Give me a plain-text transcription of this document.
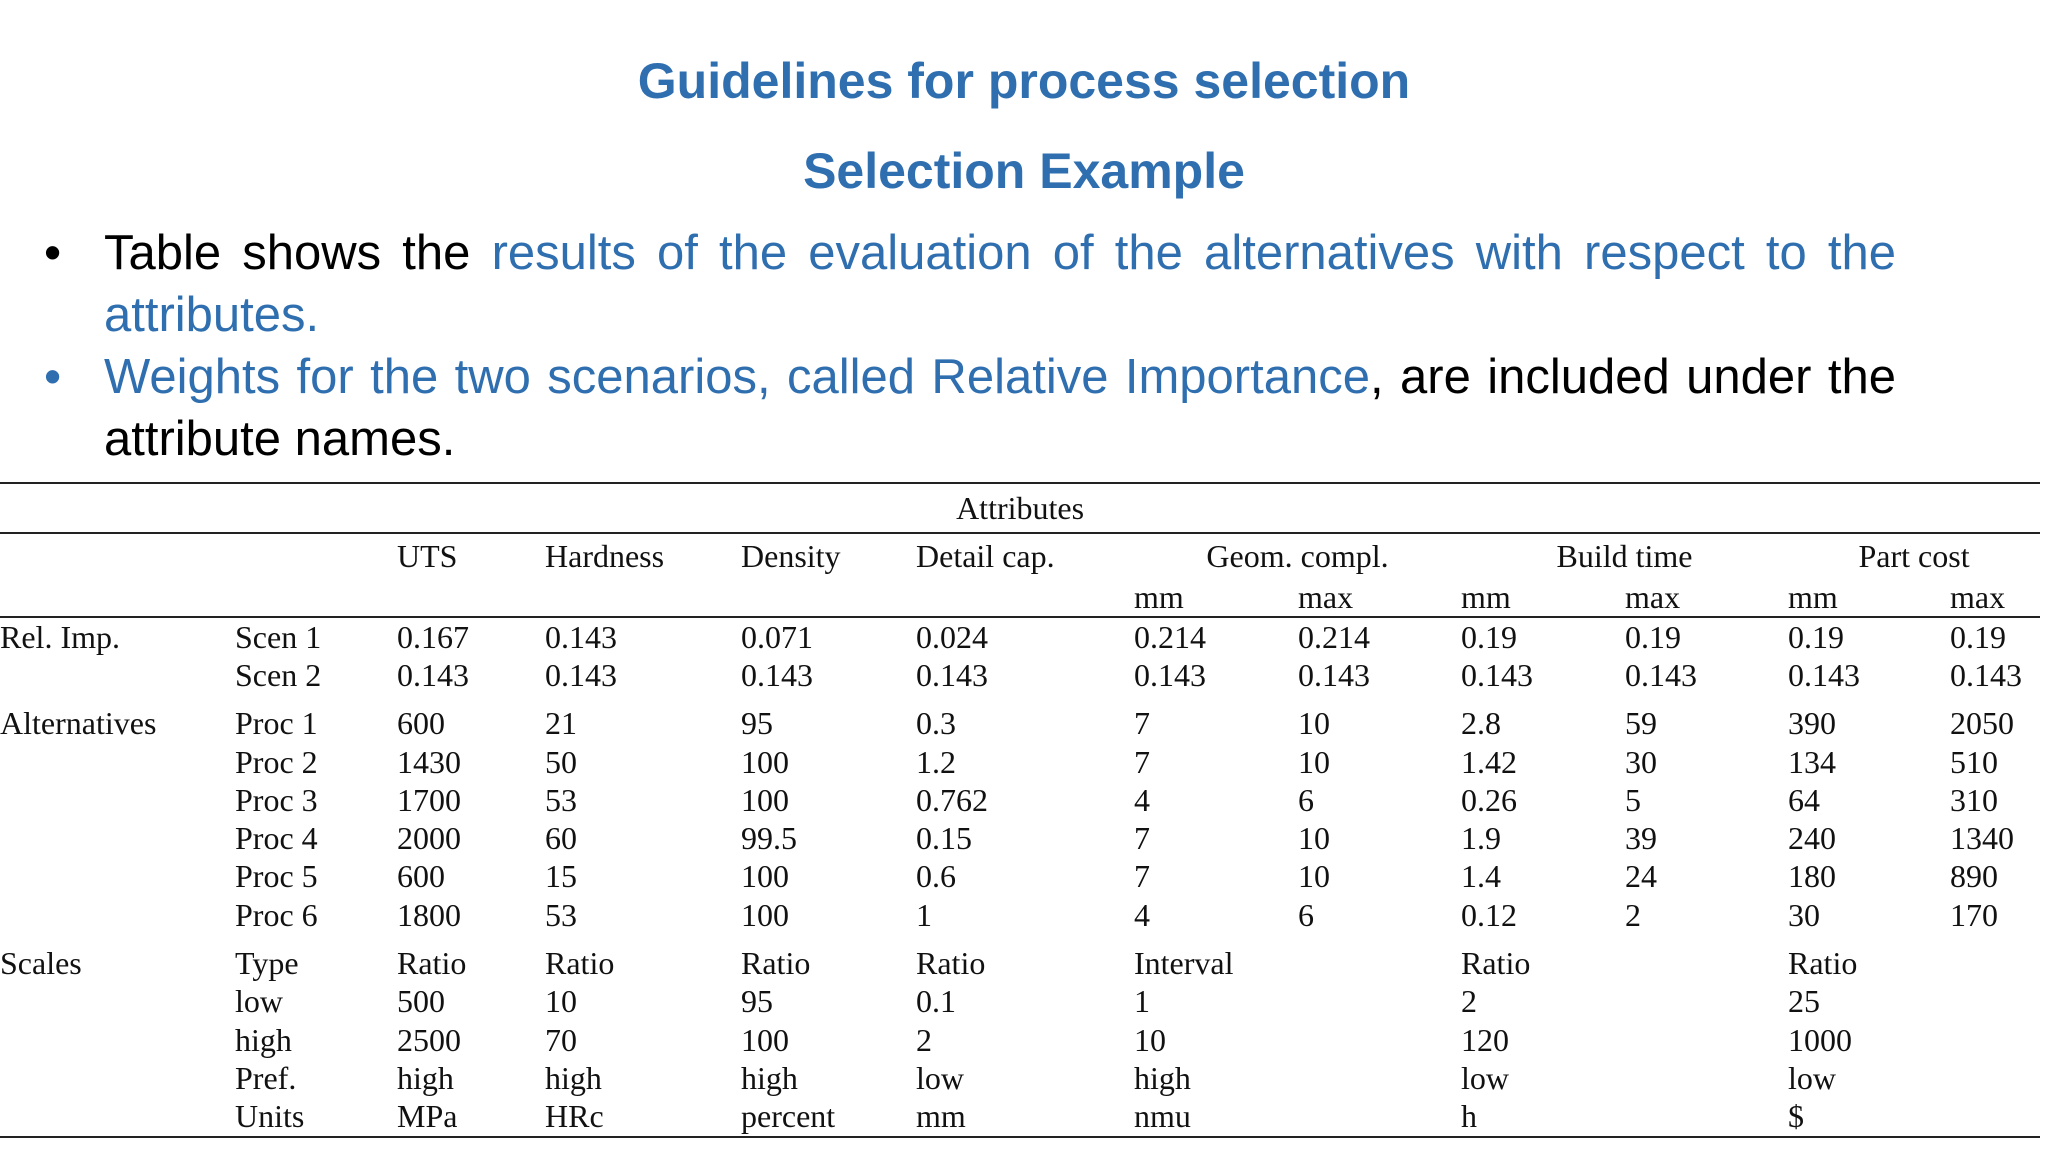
Guidelines for process selection
Selection Example
• Table shows the results of the evaluation of the alternatives with respect to the attributes.
• Weights for the two scenarios, called Relative Importance, are included under the attribute names.
Attributes											
		UTS	Hardness	Density	Detail cap.	Geom. compl.		Build time		Part cost	
						mm	max	mm	max	mm	max
Rel. Imp.	Scen 1	0.167	0.143	0.071	0.024	0.214	0.214	0.19	0.19	0.19	0.19
	Scen 2	0.143	0.143	0.143	0.143	0.143	0.143	0.143	0.143	0.143	0.143

Alternatives	Proc 1	600	21	95	0.3	7	10	2.8	59	390	2050
	Proc 2	1430	50	100	1.2	7	10	1.42	30	134	510
	Proc 3	1700	53	100	0.762	4	6	0.26	5	64	310
	Proc 4	2000	60	99.5	0.15	7	10	1.9	39	240	1340
	Proc 5	600	15	100	0.6	7	10	1.4	24	180	890
	Proc 6	1800	53	100	1	4	6	0.12	2	30	170

Scales	Type	Ratio	Ratio	Ratio	Ratio	Interval		Ratio		Ratio	
	low	500	10	95	0.1	1		2		25	
	high	2500	70	100	2	10		120		1000	
	Pref.	high	high	high	low	high		low		low	
	Units	MPa	HRc	percent	mm	nmu		h		$	
